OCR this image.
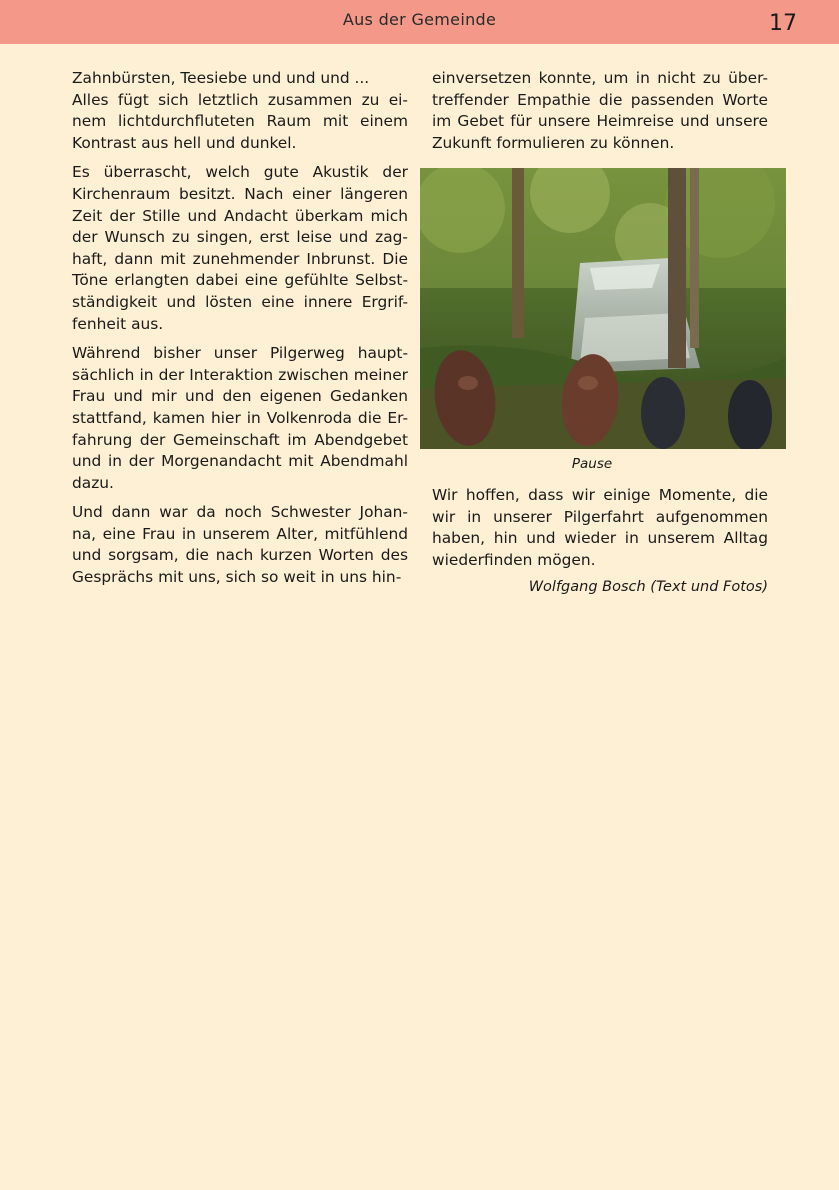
Aus der Gemeinde	17

Zahnbürsten, Teesiebe und und und ...

Alles fügt sich letztlich zusammen zu ei-nem lichtdurchfluteten Raum mit einem Kontrast aus hell und dunkel.

Es überrascht, welch gute Akustik der Kirchenraum besitzt. Nach einer längeren Zeit der Stille und Andacht überkam mich der Wunsch zu singen, erst leise und zag-haft, dann mit zunehmender Inbrunst. Die Töne erlangten dabei eine gefühlte Selbst-ständigkeit und lösten eine innere Ergrif-fenheit aus.

Während bisher unser Pilgerweg haupt-sächlich in der Interaktion zwischen meiner Frau und mir und den eigenen Gedanken stattfand, kamen hier in Volkenroda die Er-fahrung der Gemeinschaft im Abendgebet und in der Morgenandacht mit Abendmahl dazu.

Und dann war da noch Schwester Johan-na, eine Frau in unserem Alter, mitfühlend und sorgsam, die nach kurzen Worten des Gesprächs mit uns, sich so weit in uns hin-

einversetzen konnte, um in nicht zu über-treffender Empathie die passenden Worte im Gebet für unsere Heimreise und unsere Zukunft formulieren zu können.

Pause
Wir hoffen, dass wir einige Momente, die wir in unserer Pilgerfahrt aufgenommen haben, hin und wieder in unserem Alltag wiederfinden mögen.
Wolfgang Bosch (Text und Fotos)
